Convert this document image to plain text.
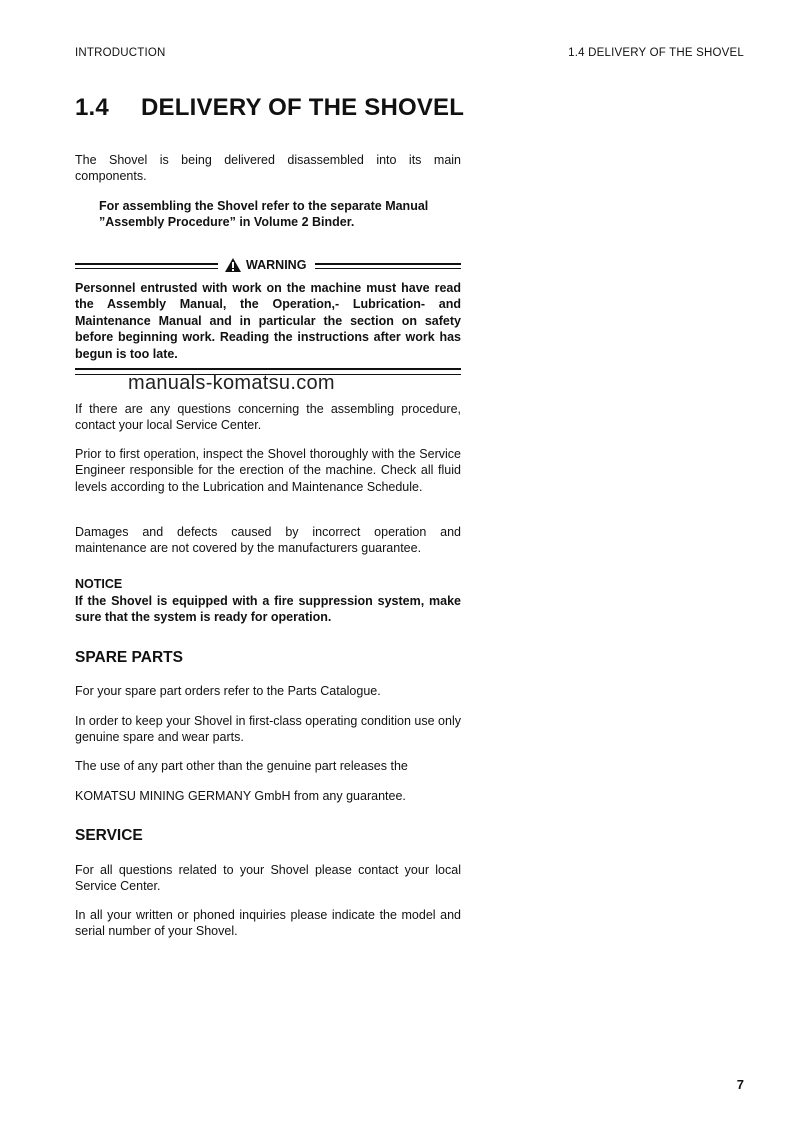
INTRODUCTION	1.4 DELIVERY OF THE SHOVEL
1.4 DELIVERY OF THE SHOVEL
The Shovel is being delivered disassembled into its main components.
For assembling the Shovel refer to the separate Manual ”Assembly Procedure” in Volume 2 Binder.
WARNING
Personnel entrusted with work on the machine must have read the Assembly Manual, the Operation,- Lubrication- and Maintenance Manual and in particular the section on safety before beginning work. Reading the instructions after work has begun is too late.
manuals-komatsu.com
If there are any questions concerning the assembling procedure, contact your local Service Center.
Prior to first operation, inspect the Shovel thoroughly with the Service Engineer responsible for the erection of the machine. Check all fluid levels according to the Lubrication and Maintenance Schedule.
Damages and defects caused by incorrect operation and maintenance are not covered by the manufacturers guarantee.
NOTICE
If the Shovel is equipped with a fire suppression system, make sure that the system is ready for operation.
SPARE PARTS
For your spare part orders refer to the Parts Catalogue.
In order to keep your Shovel in first-class operating condition use only genuine spare and wear parts.
The use of any part other than the genuine part releases the
KOMATSU MINING GERMANY GmbH from any guarantee.
SERVICE
For all questions related to your Shovel please contact your local Service Center.
In all your written or phoned inquiries please indicate the model and serial number of your Shovel.
7
